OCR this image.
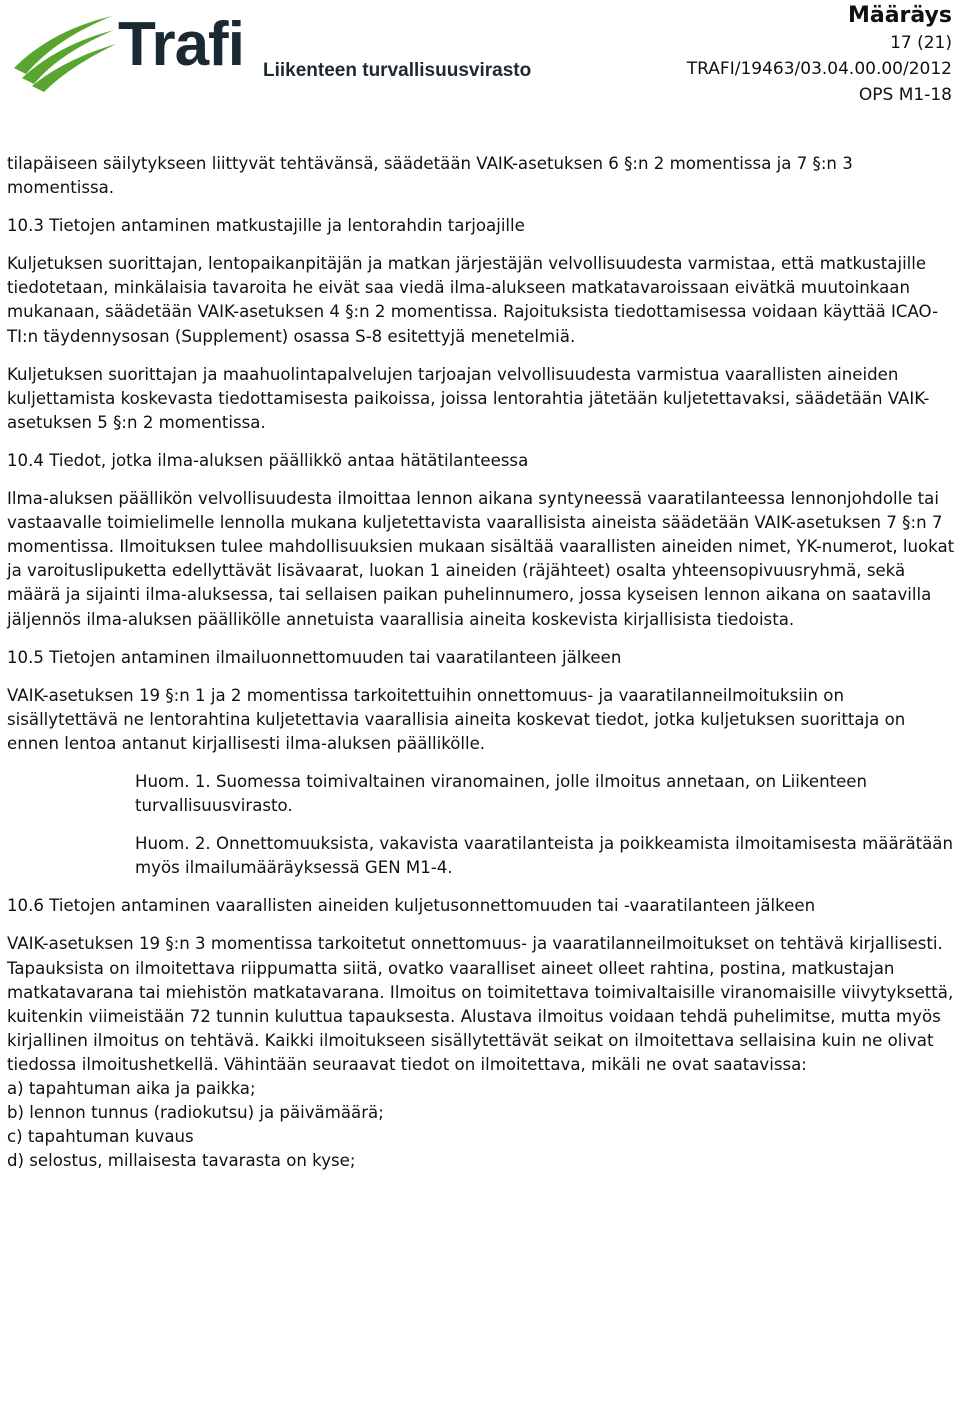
Trafi Liikenteen turvallisuusvirasto
Määräys
17 (21)
TRAFI/19463/03.04.00.00/2012
OPS M1-18

tilapäiseen säilytykseen liittyvät tehtävänsä, säädetään VAIK-asetuksen 6 §:n 2 momentissa ja 7 §:n 3 momentissa.

10.3 Tietojen antaminen matkustajille ja lentorahdin tarjoajille

Kuljetuksen suorittajan, lentopaikanpitäjän ja matkan järjestäjän velvollisuudesta varmistaa, että matkustajille tiedotetaan, minkälaisia tavaroita he eivät saa viedä ilma-alukseen matkatavaroissaan eivätkä muutoinkaan mukanaan, säädetään VAIK-asetuksen 4 §:n 2 momentissa. Rajoituksista tiedottamisessa voidaan käyttää ICAO-TI:n täydennysosan (Supplement) osassa S-8 esitettyjä menetelmiä.

Kuljetuksen suorittajan ja maahuolintapalvelujen tarjoajan velvollisuudesta varmistua vaarallisten aineiden kuljettamista koskevasta tiedottamisesta paikoissa, joissa lentorahtia jätetään kuljetettavaksi, säädetään VAIK-asetuksen 5 §:n 2 momentissa.

10.4 Tiedot, jotka ilma-aluksen päällikkö antaa hätätilanteessa

Ilma-aluksen päällikön velvollisuudesta ilmoittaa lennon aikana syntyneessä vaaratilanteessa lennonjohdolle tai vastaavalle toimielimelle lennolla mukana kuljetettavista vaarallisista aineista säädetään VAIK-asetuksen 7 §:n 7 momentissa. Ilmoituksen tulee mahdollisuuksien mukaan sisältää vaarallisten aineiden nimet, YK-numerot, luokat ja varoituslipuketta edellyttävät lisävaarat, luokan 1 aineiden (räjähteet) osalta yhteensopivuusryhmä, sekä määrä ja sijainti ilma-aluksessa, tai sellaisen paikan puhelinnumero, jossa kyseisen lennon aikana on saatavilla jäljennös ilma-aluksen päällikölle annetuista vaarallisia aineita koskevista kirjallisista tiedoista.

10.5 Tietojen antaminen ilmailuonnettomuuden tai vaaratilanteen jälkeen

VAIK-asetuksen 19 §:n 1 ja 2 momentissa tarkoitettuihin onnettomuus- ja vaaratilanneilmoituksiin on sisällytettävä ne lentorahtina kuljetettavia vaarallisia aineita koskevat tiedot, jotka kuljetuksen suorittaja on ennen lentoa antanut kirjallisesti ilma-aluksen päällikölle.

Huom. 1. Suomessa toimivaltainen viranomainen, jolle ilmoitus annetaan, on Liikenteen turvallisuusvirasto.

Huom. 2. Onnettomuuksista, vakavista vaaratilanteista ja poikkeamista ilmoitamisesta määrätään myös ilmailumääräyksessä GEN M1-4.

10.6 Tietojen antaminen vaarallisten aineiden kuljetusonnettomuuden tai -vaaratilanteen jälkeen

VAIK-asetuksen 19 §:n 3 momentissa tarkoitetut onnettomuus- ja vaaratilanneilmoitukset on tehtävä kirjallisesti. Tapauksista on ilmoitettava riippumatta siitä, ovatko vaaralliset aineet olleet rahtina, postina, matkustajan matkatavarana tai miehistön matkatavarana. Ilmoitus on toimitettava toimivaltaisille viranomaisille viivytyksettä, kuitenkin viimeistään 72 tunnin kuluttua tapauksesta. Alustava ilmoitus voidaan tehdä puhelimitse, mutta myös kirjallinen ilmoitus on tehtävä. Kaikki ilmoitukseen sisällytettävät seikat on ilmoitettava sellaisina kuin ne olivat tiedossa ilmoitushetkellä. Vähintään seuraavat tiedot on ilmoitettava, mikäli ne ovat saatavissa:

a) tapahtuman aika ja paikka;

b) lennon tunnus (radiokutsu) ja päivämäärä;

c) tapahtuman kuvaus

d) selostus, millaisesta tavarasta on kyse;
